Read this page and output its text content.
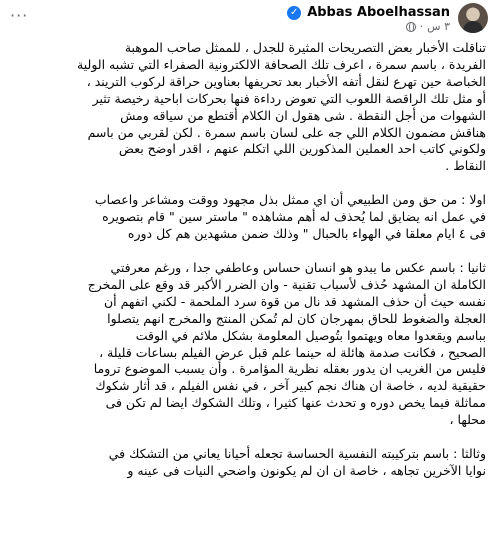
Abbas Aboelhassan
✓
٣ س
·
···

تناقلت الأخبار بعض التصريحات المثيرة للجدل ، للممثل صاحب الموهبة
الفريدة ، باسم سمرة ، اعرف تلك الصحافة الالكترونية الصفراء التي تشبه الولية
الخباصة حين تهرع لنقل أتفه الأخبار بعد تحريفها بعناوين حراقة لركوب التريند ،
أو مثل تلك الراقصة اللعوب التي تعوض رداءة فنها بحركات اباحية رخيصة تثير
الشهوات من أجل النقطة . شى هقول ان الكلام أقتطع من سياقه ومش
هناقش مضمون الكلام اللي جه على لسان باسم سمرة . لكن لقربي من باسم
ولكوني كاتب احد العملين المذكورين اللي اتكلم عنهم ، اقدر اوضح بعض
النقاط .

اولا : من حق ومن الطبيعي أن اي ممثل بذل مجهود ووقت ومشاعر واعصاب
في عمل انه يضايق لما يُحذف له أهم مشاهده " ماستر سين " قام بتصويره
فى ٤ ايام معلقا في الهواء بالحبال " وذلك ضمن مشهدين هم كل دوره

ثانيا : باسم عكس ما يبدو هو انسان حساس وعاطفي جدا ، ورغم معرفتي
الكاملة ان المشهد حُذف لأسباب تقنية - وان الضرر الأكبر قد وقع على المخرج
نفسه حيث أن حذف المشهد قد نال من قوة سرد الملحمة - لكني اتفهم أن
العجلة والضغوط للحاق بمهرجان كان لم تُمكن المنتج والمخرج انهم يتصلوا
بباسم ويقعدوا معاه ويهتموا بتُوصيل المعلومة بشكل ملائم في الوقت
الصحيح ، فكانت صدمة هائلة له حينما علم قبل عرض الفيلم بساعات قليلة ،
فليس من الغريب ان يدور بعقله نظرية المؤامرة . وأن يسبب الموضوع تروما
حقيقية لديه ، خاصة ان هناك نجم كبير آخر ، في نفس الفيلم ، قد أثار شكوك
مماثلة فيما يخص دوره و تحدث عنها كثيرا ، وتلك الشكوك ايضا لم تكن فى
محلها ،

وثالثا : باسم بتركيبته النفسية الحساسة تجعله أحيانا يعاني من التشكك في
نوايا الآخرين تجاهه ، خاصة ان ان لم يكونون واضحي النيات فى عينه و
